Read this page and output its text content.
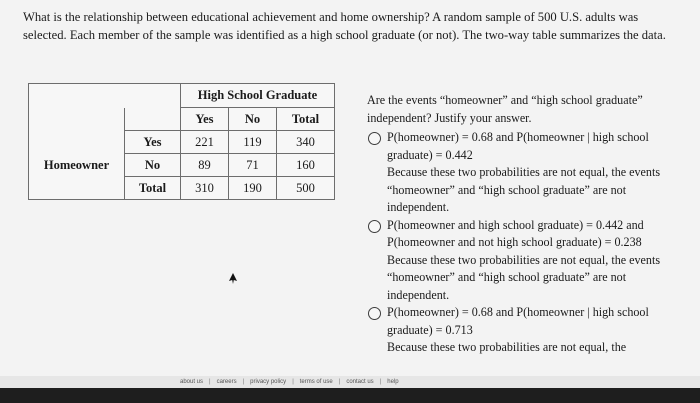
What is the relationship between educational achievement and home ownership? A random sample of 500 U.S. adults was selected. Each member of the sample was identified as a high school graduate (or not). The two-way table summarizes the data.
		High School Graduate		
		Yes	No	Total
	Yes	221	119	340
Homeowner	No	89	71	160
	Total	310	190	500
Are the events “homeowner” and “high school graduate” independent? Justify your answer.
P(homeowner) = 0.68 and P(homeowner | high school graduate) = 0.442
Because these two probabilities are not equal, the events “homeowner” and “high school graduate” are not independent.
P(homeowner and high school graduate) = 0.442 and P(homeowner and not high school graduate) = 0.238
Because these two probabilities are not equal, the events “homeowner” and “high school graduate” are not independent.
P(homeowner) = 0.68 and P(homeowner | high school graduate) = 0.713
Because these two probabilities are not equal, the
about us	|	careers	|	privacy policy	|	terms of use	|	contact us	|	help
